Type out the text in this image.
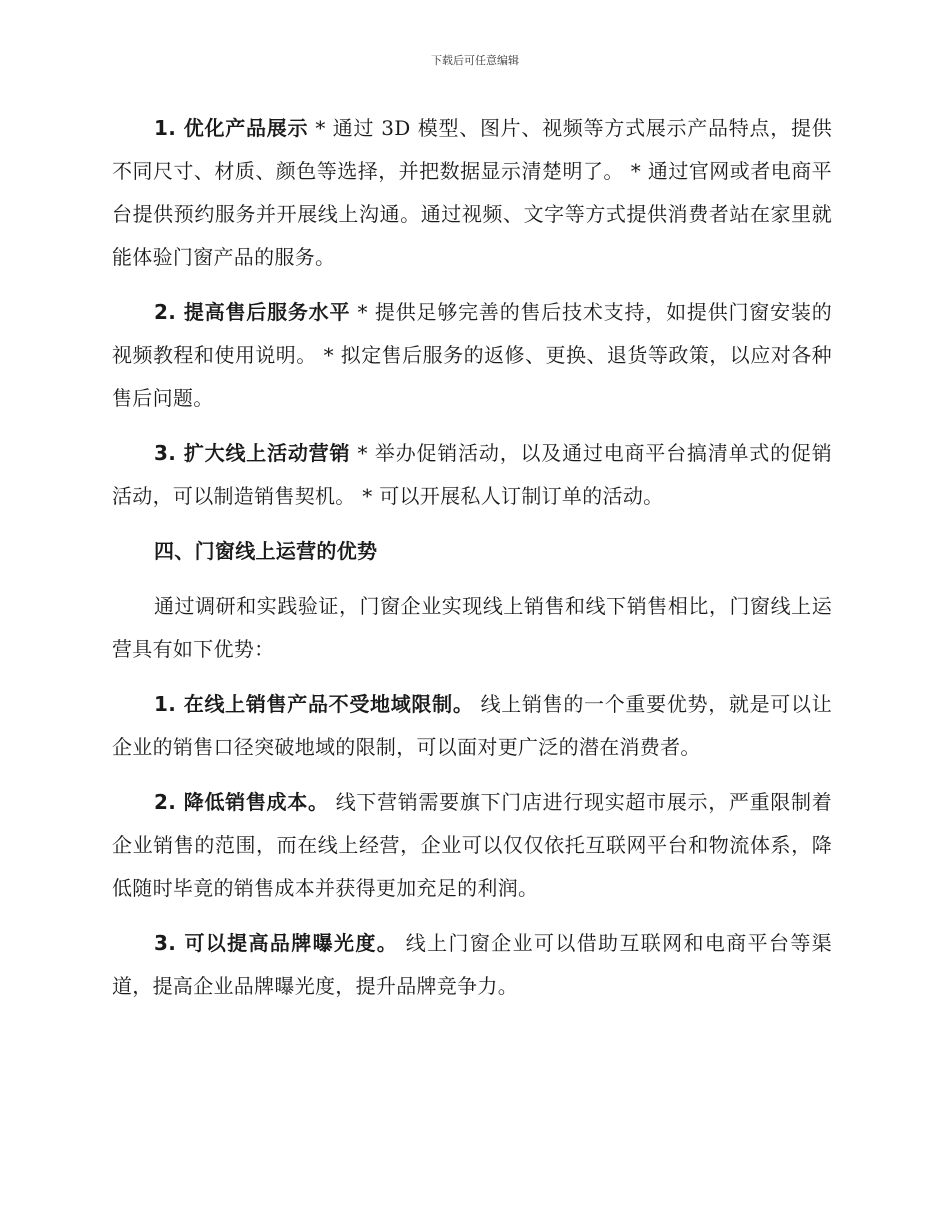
下载后可任意编辑

1. 优化产品展示 * 通过 3D 模型、图片、视频等方式展示产品特点，提供不同尺寸、材质、颜色等选择，并把数据显示清楚明了。 * 通过官网或者电商平台提供预约服务并开展线上沟通。通过视频、文字等方式提供消费者站在家里就能体验门窗产品的服务。

2. 提高售后服务水平 * 提供足够完善的售后技术支持，如提供门窗安装的视频教程和使用说明。 * 拟定售后服务的返修、更换、退货等政策，以应对各种售后问题。

3. 扩大线上活动营销 * 举办促销活动，以及通过电商平台搞清单式的促销活动，可以制造销售契机。 * 可以开展私人订制订单的活动。

四、门窗线上运营的优势

通过调研和实践验证，门窗企业实现线上销售和线下销售相比，门窗线上运营具有如下优势：

1. 在线上销售产品不受地域限制。 线上销售的一个重要优势，就是可以让企业的销售口径突破地域的限制，可以面对更广泛的潜在消费者。

2. 降低销售成本。 线下营销需要旗下门店进行现实超市展示，严重限制着企业销售的范围，而在线上经营，企业可以仅仅依托互联网平台和物流体系，降低随时毕竟的销售成本并获得更加充足的利润。

3. 可以提高品牌曝光度。 线上门窗企业可以借助互联网和电商平台等渠道，提高企业品牌曝光度，提升品牌竞争力。
